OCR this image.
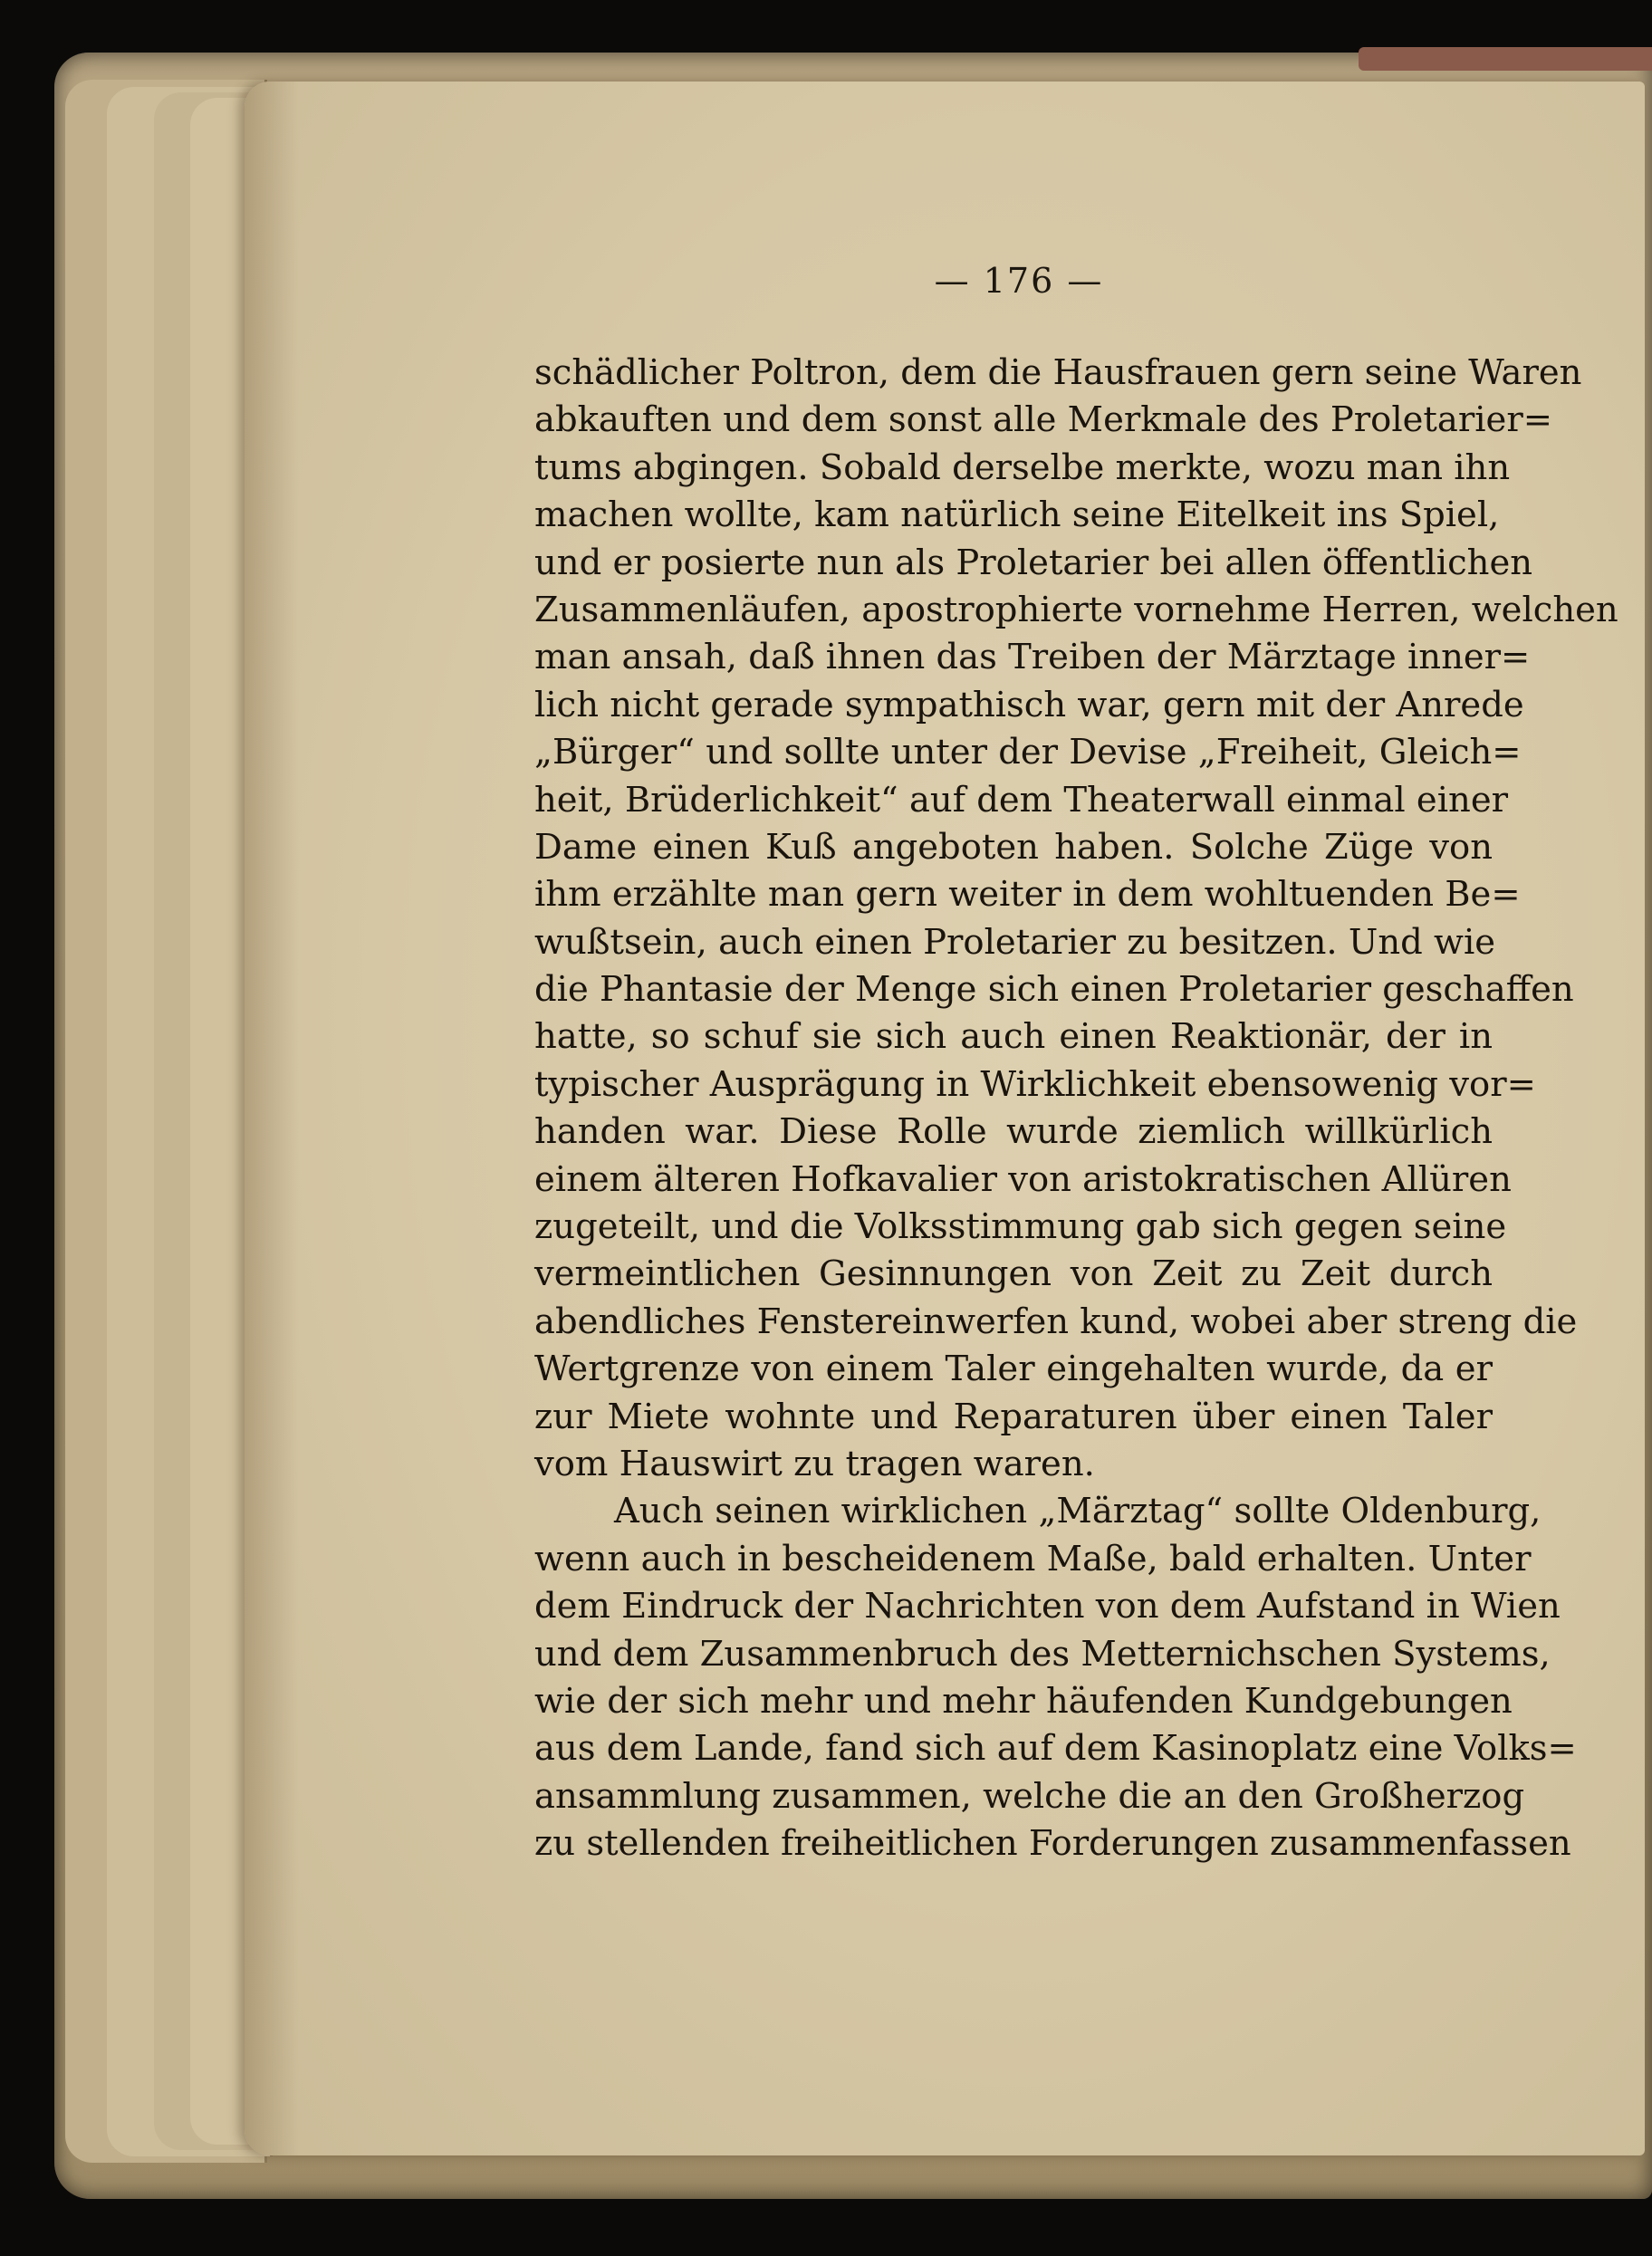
— 176 —
schädlicher Poltron, dem die Hausfrauen gern seine Waren
abkauften und dem sonst alle Merkmale des Proletarier=
tums abgingen. Sobald derselbe merkte, wozu man ihn
machen wollte, kam natürlich seine Eitelkeit ins Spiel,
und er posierte nun als Proletarier bei allen öffentlichen
Zusammenläufen, apostrophierte vornehme Herren, welchen
man ansah, daß ihnen das Treiben der Märztage inner=
lich nicht gerade sympathisch war, gern mit der Anrede
„Bürger“ und sollte unter der Devise „Freiheit, Gleich=
heit, Brüderlichkeit“ auf dem Theaterwall einmal einer
Dame einen Kuß angeboten haben. Solche Züge von
ihm erzählte man gern weiter in dem wohltuenden Be=
wußtsein, auch einen Proletarier zu besitzen. Und wie
die Phantasie der Menge sich einen Proletarier geschaffen
hatte, so schuf sie sich auch einen Reaktionär, der in
typischer Ausprägung in Wirklichkeit ebensowenig vor=
handen war. Diese Rolle wurde ziemlich willkürlich
einem älteren Hofkavalier von aristokratischen Allüren
zugeteilt, und die Volksstimmung gab sich gegen seine
vermeintlichen Gesinnungen von Zeit zu Zeit durch
abendliches Fenstereinwerfen kund, wobei aber streng die
Wertgrenze von einem Taler eingehalten wurde, da er
zur Miete wohnte und Reparaturen über einen Taler
vom Hauswirt zu tragen waren.
Auch seinen wirklichen „Märztag“ sollte Oldenburg,
wenn auch in bescheidenem Maße, bald erhalten. Unter
dem Eindruck der Nachrichten von dem Aufstand in Wien
und dem Zusammenbruch des Metternichschen Systems,
wie der sich mehr und mehr häufenden Kundgebungen
aus dem Lande, fand sich auf dem Kasinoplatz eine Volks=
ansammlung zusammen, welche die an den Großherzog
zu stellenden freiheitlichen Forderungen zusammenfassen
